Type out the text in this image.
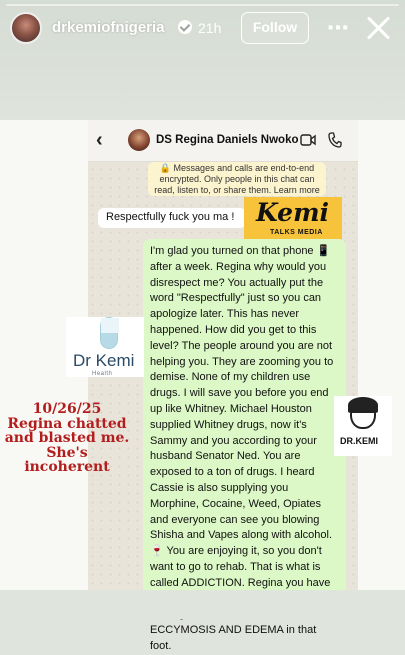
drkemiofnigeria 21h	Follow	⋯
‹	DS Regina Daniels Nwoko
🔒 Messages and calls are end-to-end encrypted. Only people in this chat can read, listen to, or share them. Learn more
Respectfully fuck you ma ! Kemi
TALKS MEDIA
I'm glad you turned on that phone 📱 after a week. Regina why would you disrespect me? You actually put the word "Respectfully" just so you can apologize later. This has never happened. How did you get to this level? The people around you are not helping you. They are zooming you to demise. None of my children use drugs. I will save you before you end up like Whitney. Michael Houston supplied Whitney drugs, now it's Sammy and you according to your husband Senator Ned. You are exposed to a ton of drugs. I heard Cassie is also supplying you Morphine, Cocaine, Weed, Opiates and everyone can see you blowing Shisha and Vapes along with alcohol. 🍷 You are enjoying it, so you don't want to go to rehab. That is what is called ADDICTION. Regina you have ECCYMOSIS AND EDEMA in that foot.
Dr Kemi
Health
10/26/25 Regina chatted and blasted me. She's incoherent
DR.KEMI
